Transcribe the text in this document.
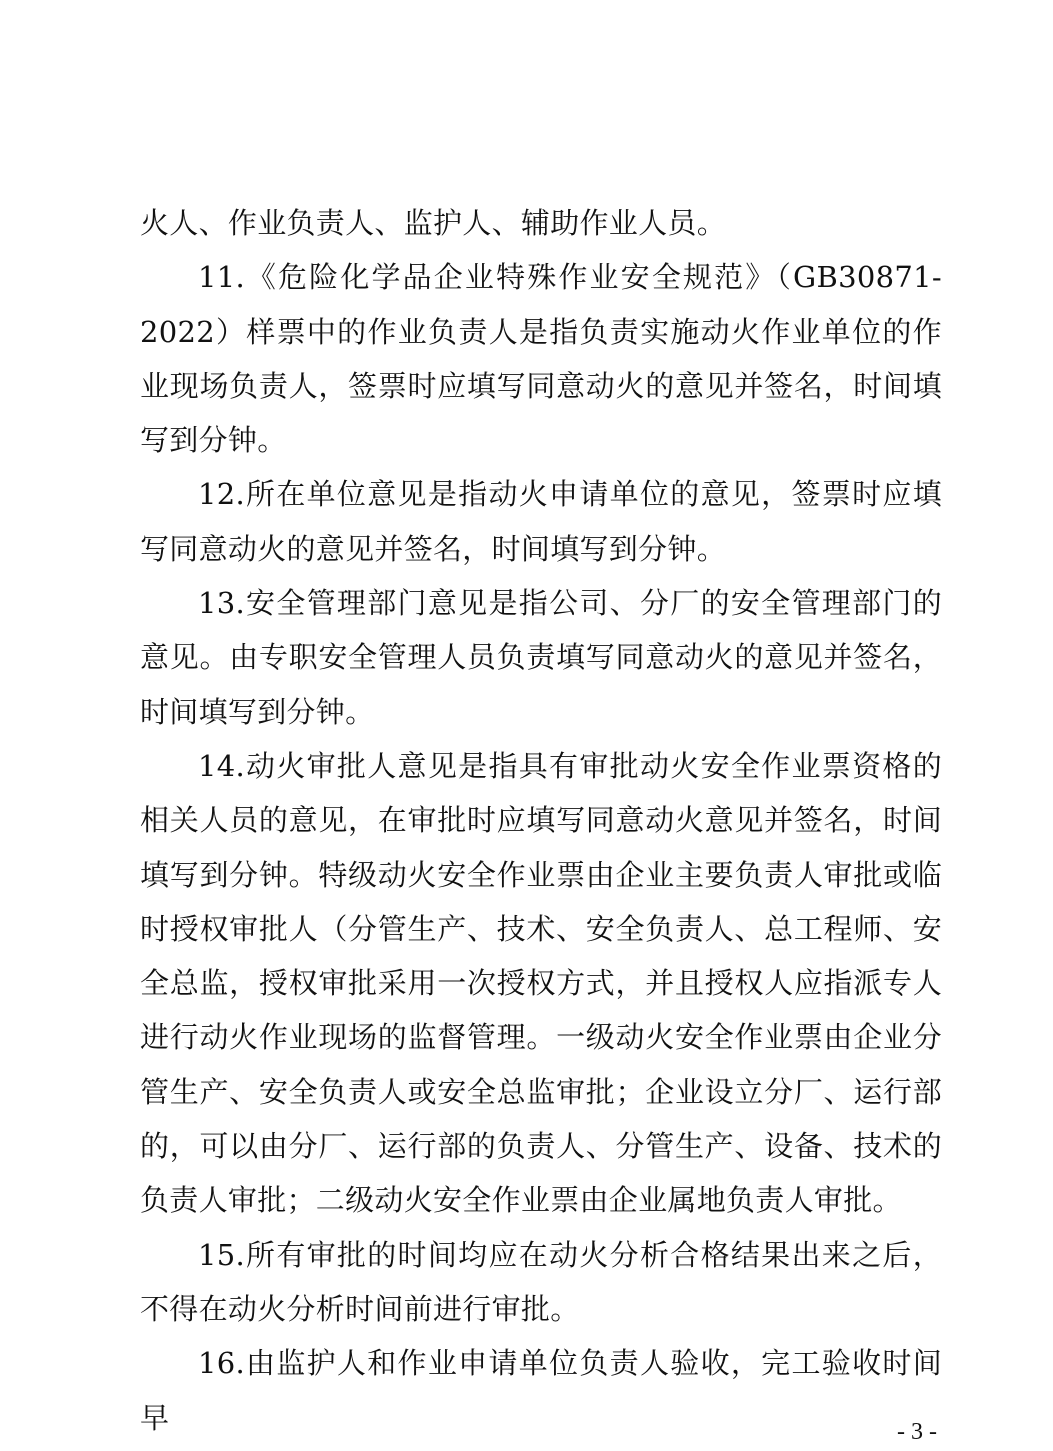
火人、作业负责人、监护人、辅助作业人员。

11.《危险化学品企业特殊作业安全规范》（GB30871-2022）样票中的作业负责人是指负责实施动火作业单位的作业现场负责人，签票时应填写同意动火的意见并签名，时间填写到分钟。

12.所在单位意见是指动火申请单位的意见，签票时应填写同意动火的意见并签名，时间填写到分钟。

13.安全管理部门意见是指公司、分厂的安全管理部门的意见。由专职安全管理人员负责填写同意动火的意见并签名，时间填写到分钟。

14.动火审批人意见是指具有审批动火安全作业票资格的相关人员的意见，在审批时应填写同意动火意见并签名，时间填写到分钟。特级动火安全作业票由企业主要负责人审批或临时授权审批人（分管生产、技术、安全负责人、总工程师、安全总监，授权审批采用一次授权方式，并且授权人应指派专人进行动火作业现场的监督管理。一级动火安全作业票由企业分管生产、安全负责人或安全总监审批；企业设立分厂、运行部的，可以由分厂、运行部的负责人、分管生产、设备、技术的负责人审批；二级动火安全作业票由企业属地负责人审批。

15.所有审批的时间均应在动火分析合格结果出来之后，不得在动火分析时间前进行审批。

16.由监护人和作业申请单位负责人验收，完工验收时间早	- 3 -
